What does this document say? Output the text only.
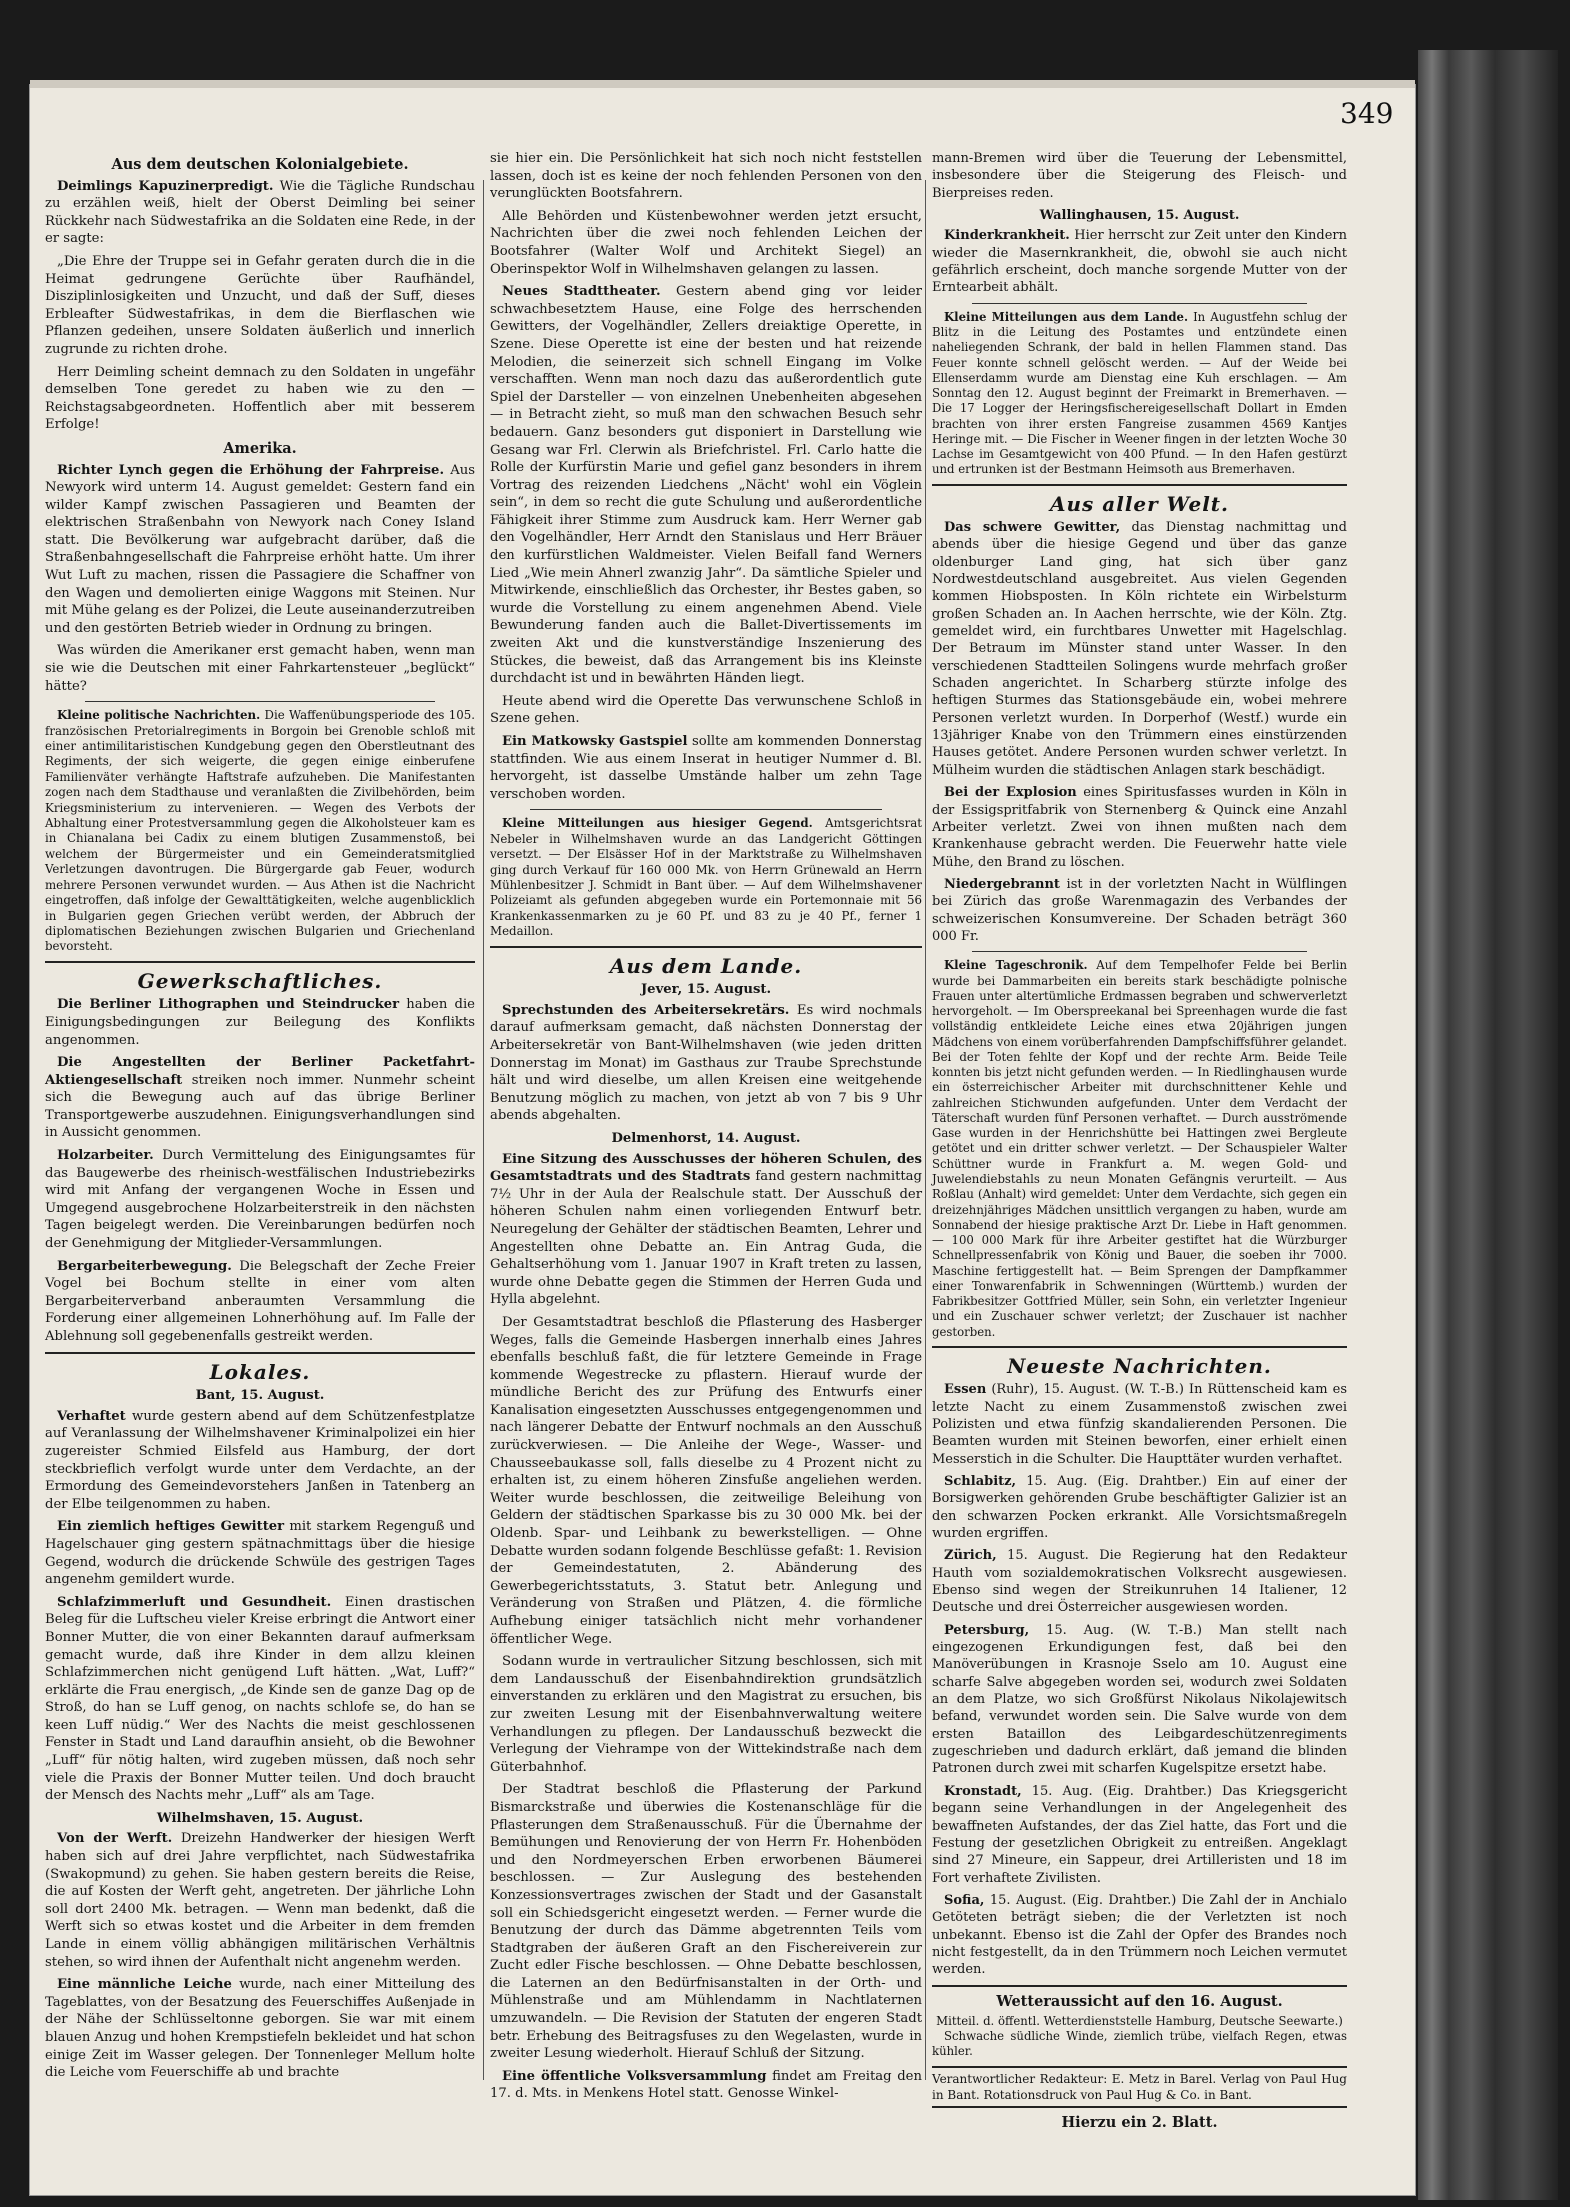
349
Aus dem deutschen Kolonialgebiete.

Deimlings Kapuzinerpredigt. Wie die Tägliche Rundschau zu erzählen weiß, hielt der Oberst Deimling bei seiner Rückkehr nach Südwestafrika an die Soldaten eine Rede, in der er sagte:

„Die Ehre der Truppe sei in Gefahr geraten durch die in die Heimat gedrungene Gerüchte über Raufhändel, Disziplinlosigkeiten und Unzucht, und daß der Suff, dieses Erbleafter Südwestafrikas, in dem die Bierflaschen wie Pflanzen gedeihen, unsere Soldaten äußerlich und innerlich zugrunde zu richten drohe.

Herr Deimling scheint demnach zu den Soldaten in ungefähr demselben Tone geredet zu haben wie zu den — Reichstagsabgeordneten. Hoffentlich aber mit besserem Erfolge!

Amerika.

Richter Lynch gegen die Erhöhung der Fahrpreise. Aus Newyork wird unterm 14. August gemeldet: Gestern fand ein wilder Kampf zwischen Passagieren und Beamten der elektrischen Straßenbahn von Newyork nach Coney Island statt. Die Bevölkerung war aufgebracht darüber, daß die Straßenbahngesellschaft die Fahrpreise erhöht hatte. Um ihrer Wut Luft zu machen, rissen die Passagiere die Schaffner von den Wagen und demolierten einige Waggons mit Steinen. Nur mit Mühe gelang es der Polizei, die Leute auseinanderzutreiben und den gestörten Betrieb wieder in Ordnung zu bringen.

Was würden die Amerikaner erst gemacht haben, wenn man sie wie die Deutschen mit einer Fahrkartensteuer „beglückt“ hätte?

Kleine politische Nachrichten. Die Waffenübungsperiode des 105. französischen Pretorialregiments in Borgoin bei Grenoble schloß mit einer antimilitaristischen Kundgebung gegen den Oberstleutnant des Regiments, der sich weigerte, die gegen einige einberufene Familienväter verhängte Haftstrafe aufzuheben. Die Manifestanten zogen nach dem Stadthause und veranlaßten die Zivilbehörden, beim Kriegsministerium zu intervenieren. — Wegen des Verbots der Abhaltung einer Protestversammlung gegen die Alkoholsteuer kam es in Chianalana bei Cadix zu einem blutigen Zusammenstoß, bei welchem der Bürgermeister und ein Gemeinderatsmitglied Verletzungen davontrugen. Die Bürgergarde gab Feuer, wodurch mehrere Personen verwundet wurden. — Aus Athen ist die Nachricht eingetroffen, daß infolge der Gewalttätigkeiten, welche augenblicklich in Bulgarien gegen Griechen verübt werden, der Abbruch der diplomatischen Beziehungen zwischen Bulgarien und Griechenland bevorsteht.

Gewerkschaftliches.

Die Berliner Lithographen und Steindrucker haben die Einigungsbedingungen zur Beilegung des Konflikts angenommen.

Die Angestellten der Berliner Packetfahrt-Aktiengesellschaft streiken noch immer. Nunmehr scheint sich die Bewegung auch auf das übrige Berliner Transportgewerbe auszudehnen. Einigungsverhandlungen sind in Aussicht genommen.

Holzarbeiter. Durch Vermittelung des Einigungsamtes für das Baugewerbe des rheinisch-westfälischen Industriebezirks wird mit Anfang der vergangenen Woche in Essen und Umgegend ausgebrochene Holzarbeiterstreik in den nächsten Tagen beigelegt werden. Die Vereinbarungen bedürfen noch der Genehmigung der Mitglieder-Versammlungen.

Bergarbeiterbewegung. Die Belegschaft der Zeche Freier Vogel bei Bochum stellte in einer vom alten Bergarbeiterverband anberaumten Versammlung die Forderung einer allgemeinen Lohnerhöhung auf. Im Falle der Ablehnung soll gegebenenfalls gestreikt werden.

Lokales.
Bant, 15. August.

Verhaftet wurde gestern abend auf dem Schützenfestplatze auf Veranlassung der Wilhelmshavener Kriminalpolizei ein hier zugereister Schmied Eilsfeld aus Hamburg, der dort steckbrieflich verfolgt wurde unter dem Verdachte, an der Ermordung des Gemeindevorstehers Janßen in Tatenberg an der Elbe teilgenommen zu haben.

Ein ziemlich heftiges Gewitter mit starkem Regenguß und Hagelschauer ging gestern spätnachmittags über die hiesige Gegend, wodurch die drückende Schwüle des gestrigen Tages angenehm gemildert wurde.

Schlafzimmerluft und Gesundheit. Einen drastischen Beleg für die Luftscheu vieler Kreise erbringt die Antwort einer Bonner Mutter, die von einer Bekannten darauf aufmerksam gemacht wurde, daß ihre Kinder in dem allzu kleinen Schlafzimmerchen nicht genügend Luft hätten. „Wat, Luff?“ erklärte die Frau energisch, „de Kinde sen de ganze Dag op de Stroß, do han se Luff genog, on nachts schlofe se, do han se keen Luff nüdig.“ Wer des Nachts die meist geschlossenen Fenster in Stadt und Land daraufhin ansieht, ob die Bewohner „Luff“ für nötig halten, wird zugeben müssen, daß noch sehr viele die Praxis der Bonner Mutter teilen. Und doch braucht der Mensch des Nachts mehr „Luff“ als am Tage.

Wilhelmshaven, 15. August.

Von der Werft. Dreizehn Handwerker der hiesigen Werft haben sich auf drei Jahre verpflichtet, nach Südwestafrika (Swakopmund) zu gehen. Sie haben gestern bereits die Reise, die auf Kosten der Werft geht, angetreten. Der jährliche Lohn soll dort 2400 Mk. betragen. — Wenn man bedenkt, daß die Werft sich so etwas kostet und die Arbeiter in dem fremden Lande in einem völlig abhängigen militärischen Verhältnis stehen, so wird ihnen der Aufenthalt nicht angenehm werden.

Eine männliche Leiche wurde, nach einer Mitteilung des Tageblattes, von der Besatzung des Feuerschiffes Außenjade in der Nähe der Schlüsseltonne geborgen. Sie war mit einem blauen Anzug und hohen Krempstiefeln bekleidet und hat schon einige Zeit im Wasser gelegen. Der Tonnenleger Mellum holte die Leiche vom Feuerschiffe ab und brachte

sie hier ein. Die Persönlichkeit hat sich noch nicht feststellen lassen, doch ist es keine der noch fehlenden Personen von den verunglückten Bootsfahrern.

Alle Behörden und Küstenbewohner werden jetzt ersucht, Nachrichten über die zwei noch fehlenden Leichen der Bootsfahrer (Walter Wolf und Architekt Siegel) an Oberinspektor Wolf in Wilhelmshaven gelangen zu lassen.

Neues Stadttheater. Gestern abend ging vor leider schwachbesetztem Hause, eine Folge des herrschenden Gewitters, der Vogelhändler, Zellers dreiaktige Operette, in Szene. Diese Operette ist eine der besten und hat reizende Melodien, die seinerzeit sich schnell Eingang im Volke verschafften. Wenn man noch dazu das außerordentlich gute Spiel der Darsteller — von einzelnen Unebenheiten abgesehen — in Betracht zieht, so muß man den schwachen Besuch sehr bedauern. Ganz besonders gut disponiert in Darstellung wie Gesang war Frl. Clerwin als Briefchristel. Frl. Carlo hatte die Rolle der Kurfürstin Marie und gefiel ganz besonders in ihrem Vortrag des reizenden Liedchens „Nächt' wohl ein Vöglein sein“, in dem so recht die gute Schulung und außerordentliche Fähigkeit ihrer Stimme zum Ausdruck kam. Herr Werner gab den Vogelhändler, Herr Arndt den Stanislaus und Herr Bräuer den kurfürstlichen Waldmeister. Vielen Beifall fand Werners Lied „Wie mein Ahnerl zwanzig Jahr“. Da sämtliche Spieler und Mitwirkende, einschließlich das Orchester, ihr Bestes gaben, so wurde die Vorstellung zu einem angenehmen Abend. Viele Bewunderung fanden auch die Ballet-Divertissements im zweiten Akt und die kunstverständige Inszenierung des Stückes, die beweist, daß das Arrangement bis ins Kleinste durchdacht ist und in bewährten Händen liegt.

Heute abend wird die Operette Das verwunschene Schloß in Szene gehen.

Ein Matkowsky Gastspiel sollte am kommenden Donnerstag stattfinden. Wie aus einem Inserat in heutiger Nummer d. Bl. hervorgeht, ist dasselbe Umstände halber um zehn Tage verschoben worden.

Kleine Mitteilungen aus hiesiger Gegend. Amtsgerichtsrat Nebeler in Wilhelmshaven wurde an das Landgericht Göttingen versetzt. — Der Elsässer Hof in der Marktstraße zu Wilhelmshaven ging durch Verkauf für 160 000 Mk. von Herrn Grünewald an Herrn Mühlenbesitzer J. Schmidt in Bant über. — Auf dem Wilhelmshavener Polizeiamt als gefunden abgegeben wurde ein Portemonnaie mit 56 Krankenkassenmarken zu je 60 Pf. und 83 zu je 40 Pf., ferner 1 Medaillon.

Aus dem Lande.
Jever, 15. August.

Sprechstunden des Arbeitersekretärs. Es wird nochmals darauf aufmerksam gemacht, daß nächsten Donnerstag der Arbeitersekretär von Bant-Wilhelmshaven (wie jeden dritten Donnerstag im Monat) im Gasthaus zur Traube Sprechstunde hält und wird dieselbe, um allen Kreisen eine weitgehende Benutzung möglich zu machen, von jetzt ab von 7 bis 9 Uhr abends abgehalten.

Delmenhorst, 14. August.

Eine Sitzung des Ausschusses der höheren Schulen, des Gesamtstadtrats und des Stadtrats fand gestern nachmittag 7½ Uhr in der Aula der Realschule statt. Der Ausschuß der höheren Schulen nahm einen vorliegenden Entwurf betr. Neuregelung der Gehälter der städtischen Beamten, Lehrer und Angestellten ohne Debatte an. Ein Antrag Guda, die Gehaltserhöhung vom 1. Januar 1907 in Kraft treten zu lassen, wurde ohne Debatte gegen die Stimmen der Herren Guda und Hylla abgelehnt.

Der Gesamtstadtrat beschloß die Pflasterung des Hasberger Weges, falls die Gemeinde Hasbergen innerhalb eines Jahres ebenfalls beschluß faßt, die für letztere Gemeinde in Frage kommende Wegestrecke zu pflastern. Hierauf wurde der mündliche Bericht des zur Prüfung des Entwurfs einer Kanalisation eingesetzten Ausschusses entgegengenommen und nach längerer Debatte der Entwurf nochmals an den Ausschuß zurückverwiesen. — Die Anleihe der Wege-, Wasser- und Chausseebaukasse soll, falls dieselbe zu 4 Prozent nicht zu erhalten ist, zu einem höheren Zinsfuße angeliehen werden. Weiter wurde beschlossen, die zeitweilige Beleihung von Geldern der städtischen Sparkasse bis zu 30 000 Mk. bei der Oldenb. Spar- und Leihbank zu bewerkstelligen. — Ohne Debatte wurden sodann folgende Beschlüsse gefaßt: 1. Revision der Gemeindestatuten, 2. Abänderung des Gewerbegerichtsstatuts, 3. Statut betr. Anlegung und Veränderung von Straßen und Plätzen, 4. die förmliche Aufhebung einiger tatsächlich nicht mehr vorhandener öffentlicher Wege.

Sodann wurde in vertraulicher Sitzung beschlossen, sich mit dem Landausschuß der Eisenbahndirektion grundsätzlich einverstanden zu erklären und den Magistrat zu ersuchen, bis zur zweiten Lesung mit der Eisenbahnverwaltung weitere Verhandlungen zu pflegen. Der Landausschuß bezweckt die Verlegung der Viehrampe von der Wittekindstraße nach dem Güterbahnhof.

Der Stadtrat beschloß die Pflasterung der Parkund Bismarckstraße und überwies die Kostenanschläge für die Pflasterungen dem Straßenausschuß. Für die Übernahme der Bemühungen und Renovierung der von Herrn Fr. Hohenböden und den Nordmeyerschen Erben erworbenen Bäumerei beschlossen. — Zur Auslegung des bestehenden Konzessionsvertrages zwischen der Stadt und der Gasanstalt soll ein Schiedsgericht eingesetzt werden. — Ferner wurde die Benutzung der durch das Dämme abgetrennten Teils vom Stadtgraben der äußeren Graft an den Fischereiverein zur Zucht edler Fische beschlossen. — Ohne Debatte beschlossen, die Laternen an den Bedürfnisanstalten in der Orth- und Mühlenstraße und am Mühlendamm in Nachtlaternen umzuwandeln. — Die Revision der Statuten der engeren Stadt betr. Erhebung des Beitragsfuses zu den Wegelasten, wurde in zweiter Lesung wiederholt. Hierauf Schluß der Sitzung.

Eine öffentliche Volksversammlung findet am Freitag den 17. d. Mts. in Menkens Hotel statt. Genosse Winkel-

mann-Bremen wird über die Teuerung der Lebensmittel, insbesondere über die Steigerung des Fleisch- und Bierpreises reden.

Wallinghausen, 15. August.

Kinderkrankheit. Hier herrscht zur Zeit unter den Kindern wieder die Masernkrankheit, die, obwohl sie auch nicht gefährlich erscheint, doch manche sorgende Mutter von der Erntearbeit abhält.

Kleine Mitteilungen aus dem Lande. In Augustfehn schlug der Blitz in die Leitung des Postamtes und entzündete einen naheliegenden Schrank, der bald in hellen Flammen stand. Das Feuer konnte schnell gelöscht werden. — Auf der Weide bei Ellenserdamm wurde am Dienstag eine Kuh erschlagen. — Am Sonntag den 12. August beginnt der Freimarkt in Bremerhaven. — Die 17 Logger der Heringsfischereigesellschaft Dollart in Emden brachten von ihrer ersten Fangreise zusammen 4569 Kantjes Heringe mit. — Die Fischer in Weener fingen in der letzten Woche 30 Lachse im Gesamtgewicht von 400 Pfund. — In den Hafen gestürzt und ertrunken ist der Bestmann Heimsoth aus Bremerhaven.

Aus aller Welt.

Das schwere Gewitter, das Dienstag nachmittag und abends über die hiesige Gegend und über das ganze oldenburger Land ging, hat sich über ganz Nordwestdeutschland ausgebreitet. Aus vielen Gegenden kommen Hiobsposten. In Köln richtete ein Wirbelsturm großen Schaden an. In Aachen herrschte, wie der Köln. Ztg. gemeldet wird, ein furchtbares Unwetter mit Hagelschlag. Der Betraum im Münster stand unter Wasser. In den verschiedenen Stadtteilen Solingens wurde mehrfach großer Schaden angerichtet. In Scharberg stürzte infolge des heftigen Sturmes das Stationsgebäude ein, wobei mehrere Personen verletzt wurden. In Dorperhof (Westf.) wurde ein 13jähriger Knabe von den Trümmern eines einstürzenden Hauses getötet. Andere Personen wurden schwer verletzt. In Mülheim wurden die städtischen Anlagen stark beschädigt.

Bei der Explosion eines Spiritusfasses wurden in Köln in der Essigspritfabrik von Sternenberg & Quinck eine Anzahl Arbeiter verletzt. Zwei von ihnen mußten nach dem Krankenhause gebracht werden. Die Feuerwehr hatte viele Mühe, den Brand zu löschen.

Niedergebrannt ist in der vorletzten Nacht in Wülflingen bei Zürich das große Warenmagazin des Verbandes der schweizerischen Konsumvereine. Der Schaden beträgt 360 000 Fr.

Kleine Tageschronik. Auf dem Tempelhofer Felde bei Berlin wurde bei Dammarbeiten ein bereits stark beschädigte polnische Frauen unter altertümliche Erdmassen begraben und schwerverletzt hervorgeholt. — Im Oberspreekanal bei Spreenhagen wurde die fast vollständig entkleidete Leiche eines etwa 20jährigen jungen Mädchens von einem vorüberfahrenden Dampfschiffsführer gelandet. Bei der Toten fehlte der Kopf und der rechte Arm. Beide Teile konnten bis jetzt nicht gefunden werden. — In Riedlinghausen wurde ein österreichischer Arbeiter mit durchschnittener Kehle und zahlreichen Stichwunden aufgefunden. Unter dem Verdacht der Täterschaft wurden fünf Personen verhaftet. — Durch ausströmende Gase wurden in der Henrichshütte bei Hattingen zwei Bergleute getötet und ein dritter schwer verletzt. — Der Schauspieler Walter Schüttner wurde in Frankfurt a. M. wegen Gold- und Juwelendiebstahls zu neun Monaten Gefängnis verurteilt. — Aus Roßlau (Anhalt) wird gemeldet: Unter dem Verdachte, sich gegen ein dreizehnjähriges Mädchen unsittlich vergangen zu haben, wurde am Sonnabend der hiesige praktische Arzt Dr. Liebe in Haft genommen. — 100 000 Mark für ihre Arbeiter gestiftet hat die Würzburger Schnellpressenfabrik von König und Bauer, die soeben ihr 7000. Maschine fertiggestellt hat. — Beim Sprengen der Dampfkammer einer Tonwarenfabrik in Schwenningen (Württemb.) wurden der Fabrikbesitzer Gottfried Müller, sein Sohn, ein verletzter Ingenieur und ein Zuschauer schwer verletzt; der Zuschauer ist nachher gestorben.

Neueste Nachrichten.

Essen (Ruhr), 15. August. (W. T.-B.) In Rüttenscheid kam es letzte Nacht zu einem Zusammenstoß zwischen zwei Polizisten und etwa fünfzig skandalierenden Personen. Die Beamten wurden mit Steinen beworfen, einer erhielt einen Messerstich in die Schulter. Die Haupttäter wurden verhaftet.

Schlabitz, 15. Aug. (Eig. Drahtber.) Ein auf einer der Borsigwerken gehörenden Grube beschäftigter Galizier ist an den schwarzen Pocken erkrankt. Alle Vorsichtsmaßregeln wurden ergriffen.

Zürich, 15. August. Die Regierung hat den Redakteur Hauth vom sozialdemokratischen Volksrecht ausgewiesen. Ebenso sind wegen der Streikunruhen 14 Italiener, 12 Deutsche und drei Österreicher ausgewiesen worden.

Petersburg, 15. Aug. (W. T.-B.) Man stellt nach eingezogenen Erkundigungen fest, daß bei den Manöverübungen in Krasnoje Sselo am 10. August eine scharfe Salve abgegeben worden sei, wodurch zwei Soldaten an dem Platze, wo sich Großfürst Nikolaus Nikolajewitsch befand, verwundet worden sein. Die Salve wurde von dem ersten Bataillon des Leibgardeschützenregiments zugeschrieben und dadurch erklärt, daß jemand die blinden Patronen durch zwei mit scharfen Kugelspitze ersetzt habe.

Kronstadt, 15. Aug. (Eig. Drahtber.) Das Kriegsgericht begann seine Verhandlungen in der Angelegenheit des bewaffneten Aufstandes, der das Ziel hatte, das Fort und die Festung der gesetzlichen Obrigkeit zu entreißen. Angeklagt sind 27 Mineure, ein Sappeur, drei Artilleristen und 18 im Fort verhaftete Zivilisten.

Sofia, 15. August. (Eig. Drahtber.) Die Zahl der in Anchialo Getöteten beträgt sieben; die der Verletzten ist noch unbekannt. Ebenso ist die Zahl der Opfer des Brandes noch nicht festgestellt, da in den Trümmern noch Leichen vermutet werden.

Wetteraussicht auf den 16. August.
Mitteil. d. öffentl. Wetterdienststelle Hamburg, Deutsche Seewarte.)

Schwache südliche Winde, ziemlich trübe, vielfach Regen, etwas kühler.

Verantwortlicher Redakteur: E. Metz in Barel. Verlag von Paul Hug in Bant. Rotationsdruck von Paul Hug & Co. in Bant.
Hierzu ein 2. Blatt.
